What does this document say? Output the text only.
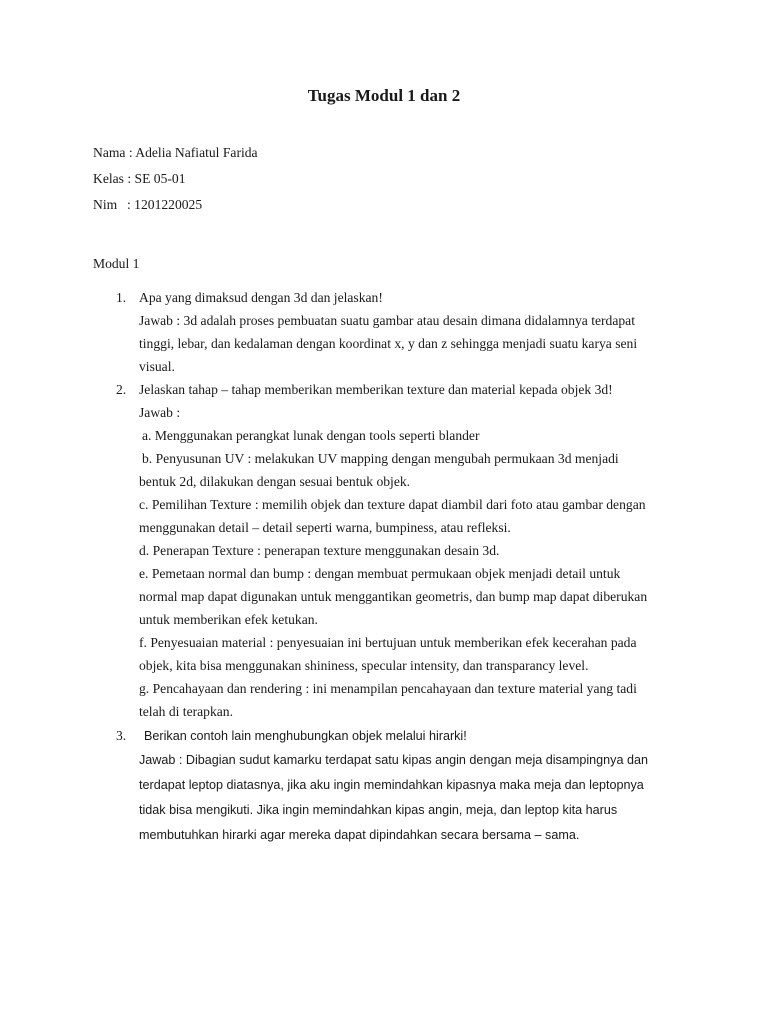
Tugas Modul 1 dan 2
Nama : Adelia Nafiatul Farida
Kelas : SE 05-01
Nim : 1201220025
Modul 1
1. Apa yang dimaksud dengan 3d dan jelaskan!
Jawab : 3d adalah proses pembuatan suatu gambar atau desain dimana didalamnya terdapat
tinggi, lebar, dan kedalaman dengan koordinat x, y dan z sehingga menjadi suatu karya seni
visual.
2. Jelaskan tahap – tahap memberikan memberikan texture dan material kepada objek 3d!
Jawab :
a. Menggunakan perangkat lunak dengan tools seperti blander
b. Penyusunan UV : melakukan UV mapping dengan mengubah permukaan 3d menjadi
bentuk 2d, dilakukan dengan sesuai bentuk objek.
c. Pemilihan Texture : memilih objek dan texture dapat diambil dari foto atau gambar dengan
menggunakan detail – detail seperti warna, bumpiness, atau refleksi.
d. Penerapan Texture : penerapan texture menggunakan desain 3d.
e. Pemetaan normal dan bump : dengan membuat permukaan objek menjadi detail untuk
normal map dapat digunakan untuk menggantikan geometris, dan bump map dapat diberukan
untuk memberikan efek ketukan.
f. Penyesuaian material : penyesuaian ini bertujuan untuk memberikan efek kecerahan pada
objek, kita bisa menggunakan shininess, specular intensity, dan transparancy level.
g. Pencahayaan dan rendering : ini menampilan pencahayaan dan texture material yang tadi
telah di terapkan.
3. Berikan contoh lain menghubungkan objek melalui hirarki!
Jawab : Dibagian sudut kamarku terdapat satu kipas angin dengan meja disampingnya dan
terdapat leptop diatasnya, jika aku ingin memindahkan kipasnya maka meja dan leptopnya
tidak bisa mengikuti. Jika ingin memindahkan kipas angin, meja, dan leptop kita harus
membutuhkan hirarki agar mereka dapat dipindahkan secara bersama – sama.
